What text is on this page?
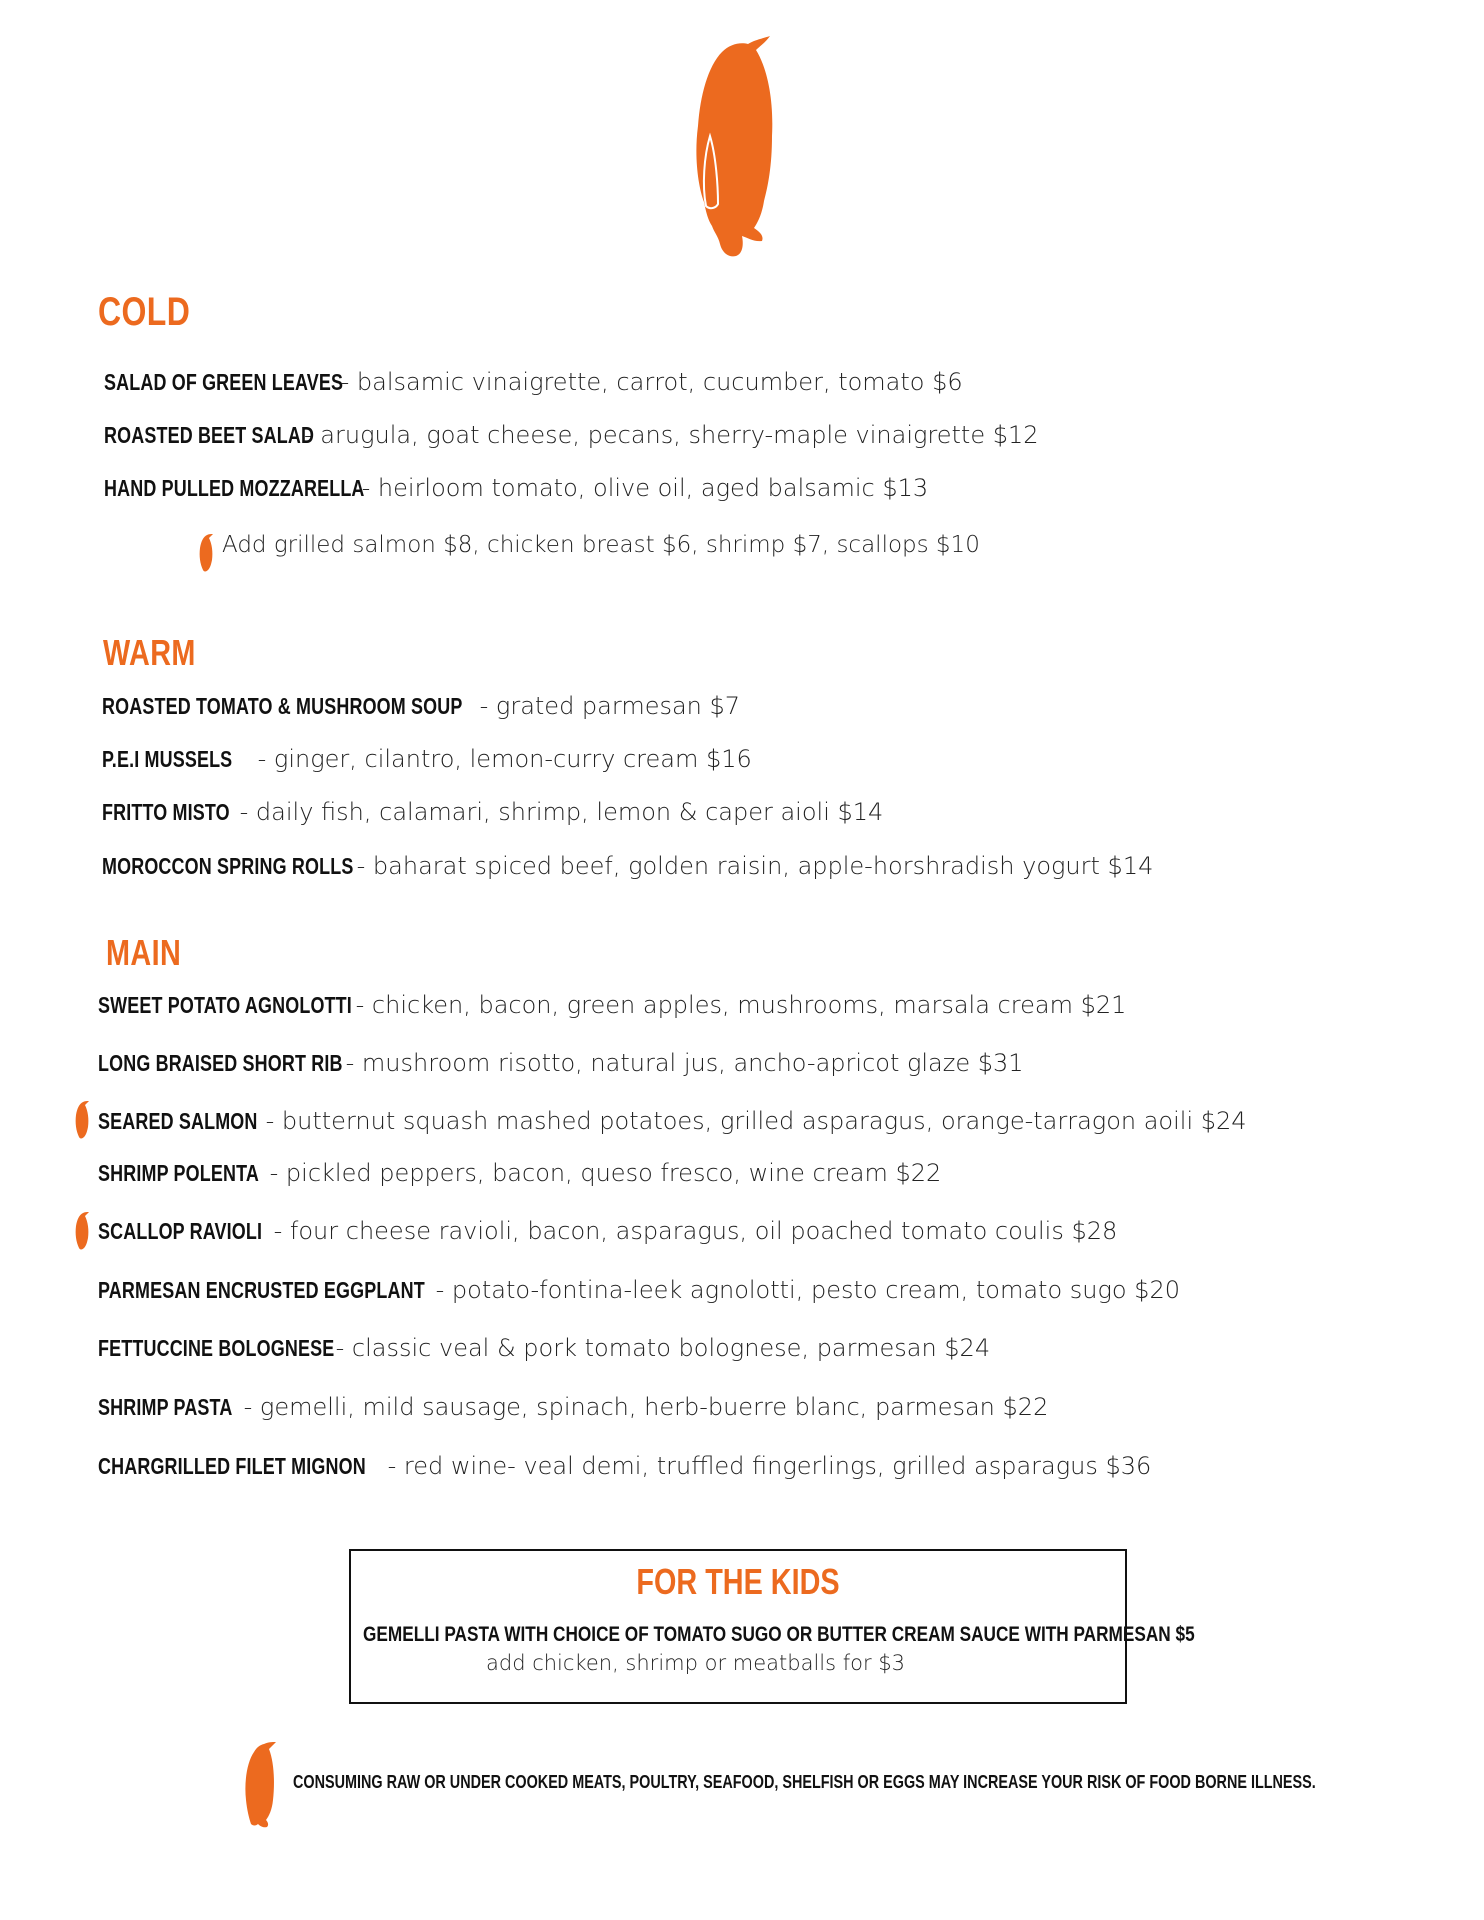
COLD
SALAD OF GREEN LEAVES - balsamic vinaigrette, carrot, cucumber, tomato $6
ROASTED BEET SALAD- arugula, goat cheese, pecans, sherry-maple vinaigrette $12
HAND PULLED MOZZARELLA - heirloom tomato, olive oil, aged balsamic $13
Add grilled salmon $8, chicken breast $6, shrimp $7, scallops $10
WARM
ROASTED TOMATO & MUSHROOM SOUP - grated parmesan $7
P.E.I MUSSELS - ginger, cilantro, lemon-curry cream $16
FRITTO MISTO - daily fish, calamari, shrimp, lemon & caper aioli $14
MOROCCON SPRING ROLLS - baharat spiced beef, golden raisin, apple-horshradish yogurt $14
MAIN
SWEET POTATO AGNOLOTTI - chicken, bacon, green apples, mushrooms, marsala cream $21
LONG BRAISED SHORT RIB - mushroom risotto, natural jus, ancho-apricot glaze $31
SEARED SALMON - butternut squash mashed potatoes, grilled asparagus, orange-tarragon aoili $24
SHRIMP POLENTA - pickled peppers, bacon, queso fresco, wine cream $22
SCALLOP RAVIOLI - four cheese ravioli, bacon, asparagus, oil poached tomato coulis $28
PARMESAN ENCRUSTED EGGPLANT - potato-fontina-leek agnolotti, pesto cream, tomato sugo $20
FETTUCCINE BOLOGNESE - classic veal & pork tomato bolognese, parmesan $24
SHRIMP PASTA - gemelli, mild sausage, spinach, herb-buerre blanc, parmesan $22
CHARGRILLED FILET MIGNON - red wine- veal demi, truffled fingerlings, grilled asparagus $36
FOR THE KIDS
GEMELLI PASTA WITH CHOICE OF TOMATO SUGO OR BUTTER CREAM SAUCE WITH PARMESAN $5
add chicken, shrimp or meatballs for $3
CONSUMING RAW OR UNDER COOKED MEATS, POULTRY, SEAFOOD, SHELFISH OR EGGS MAY INCREASE YOUR RISK OF FOOD BORNE ILLNESS.
